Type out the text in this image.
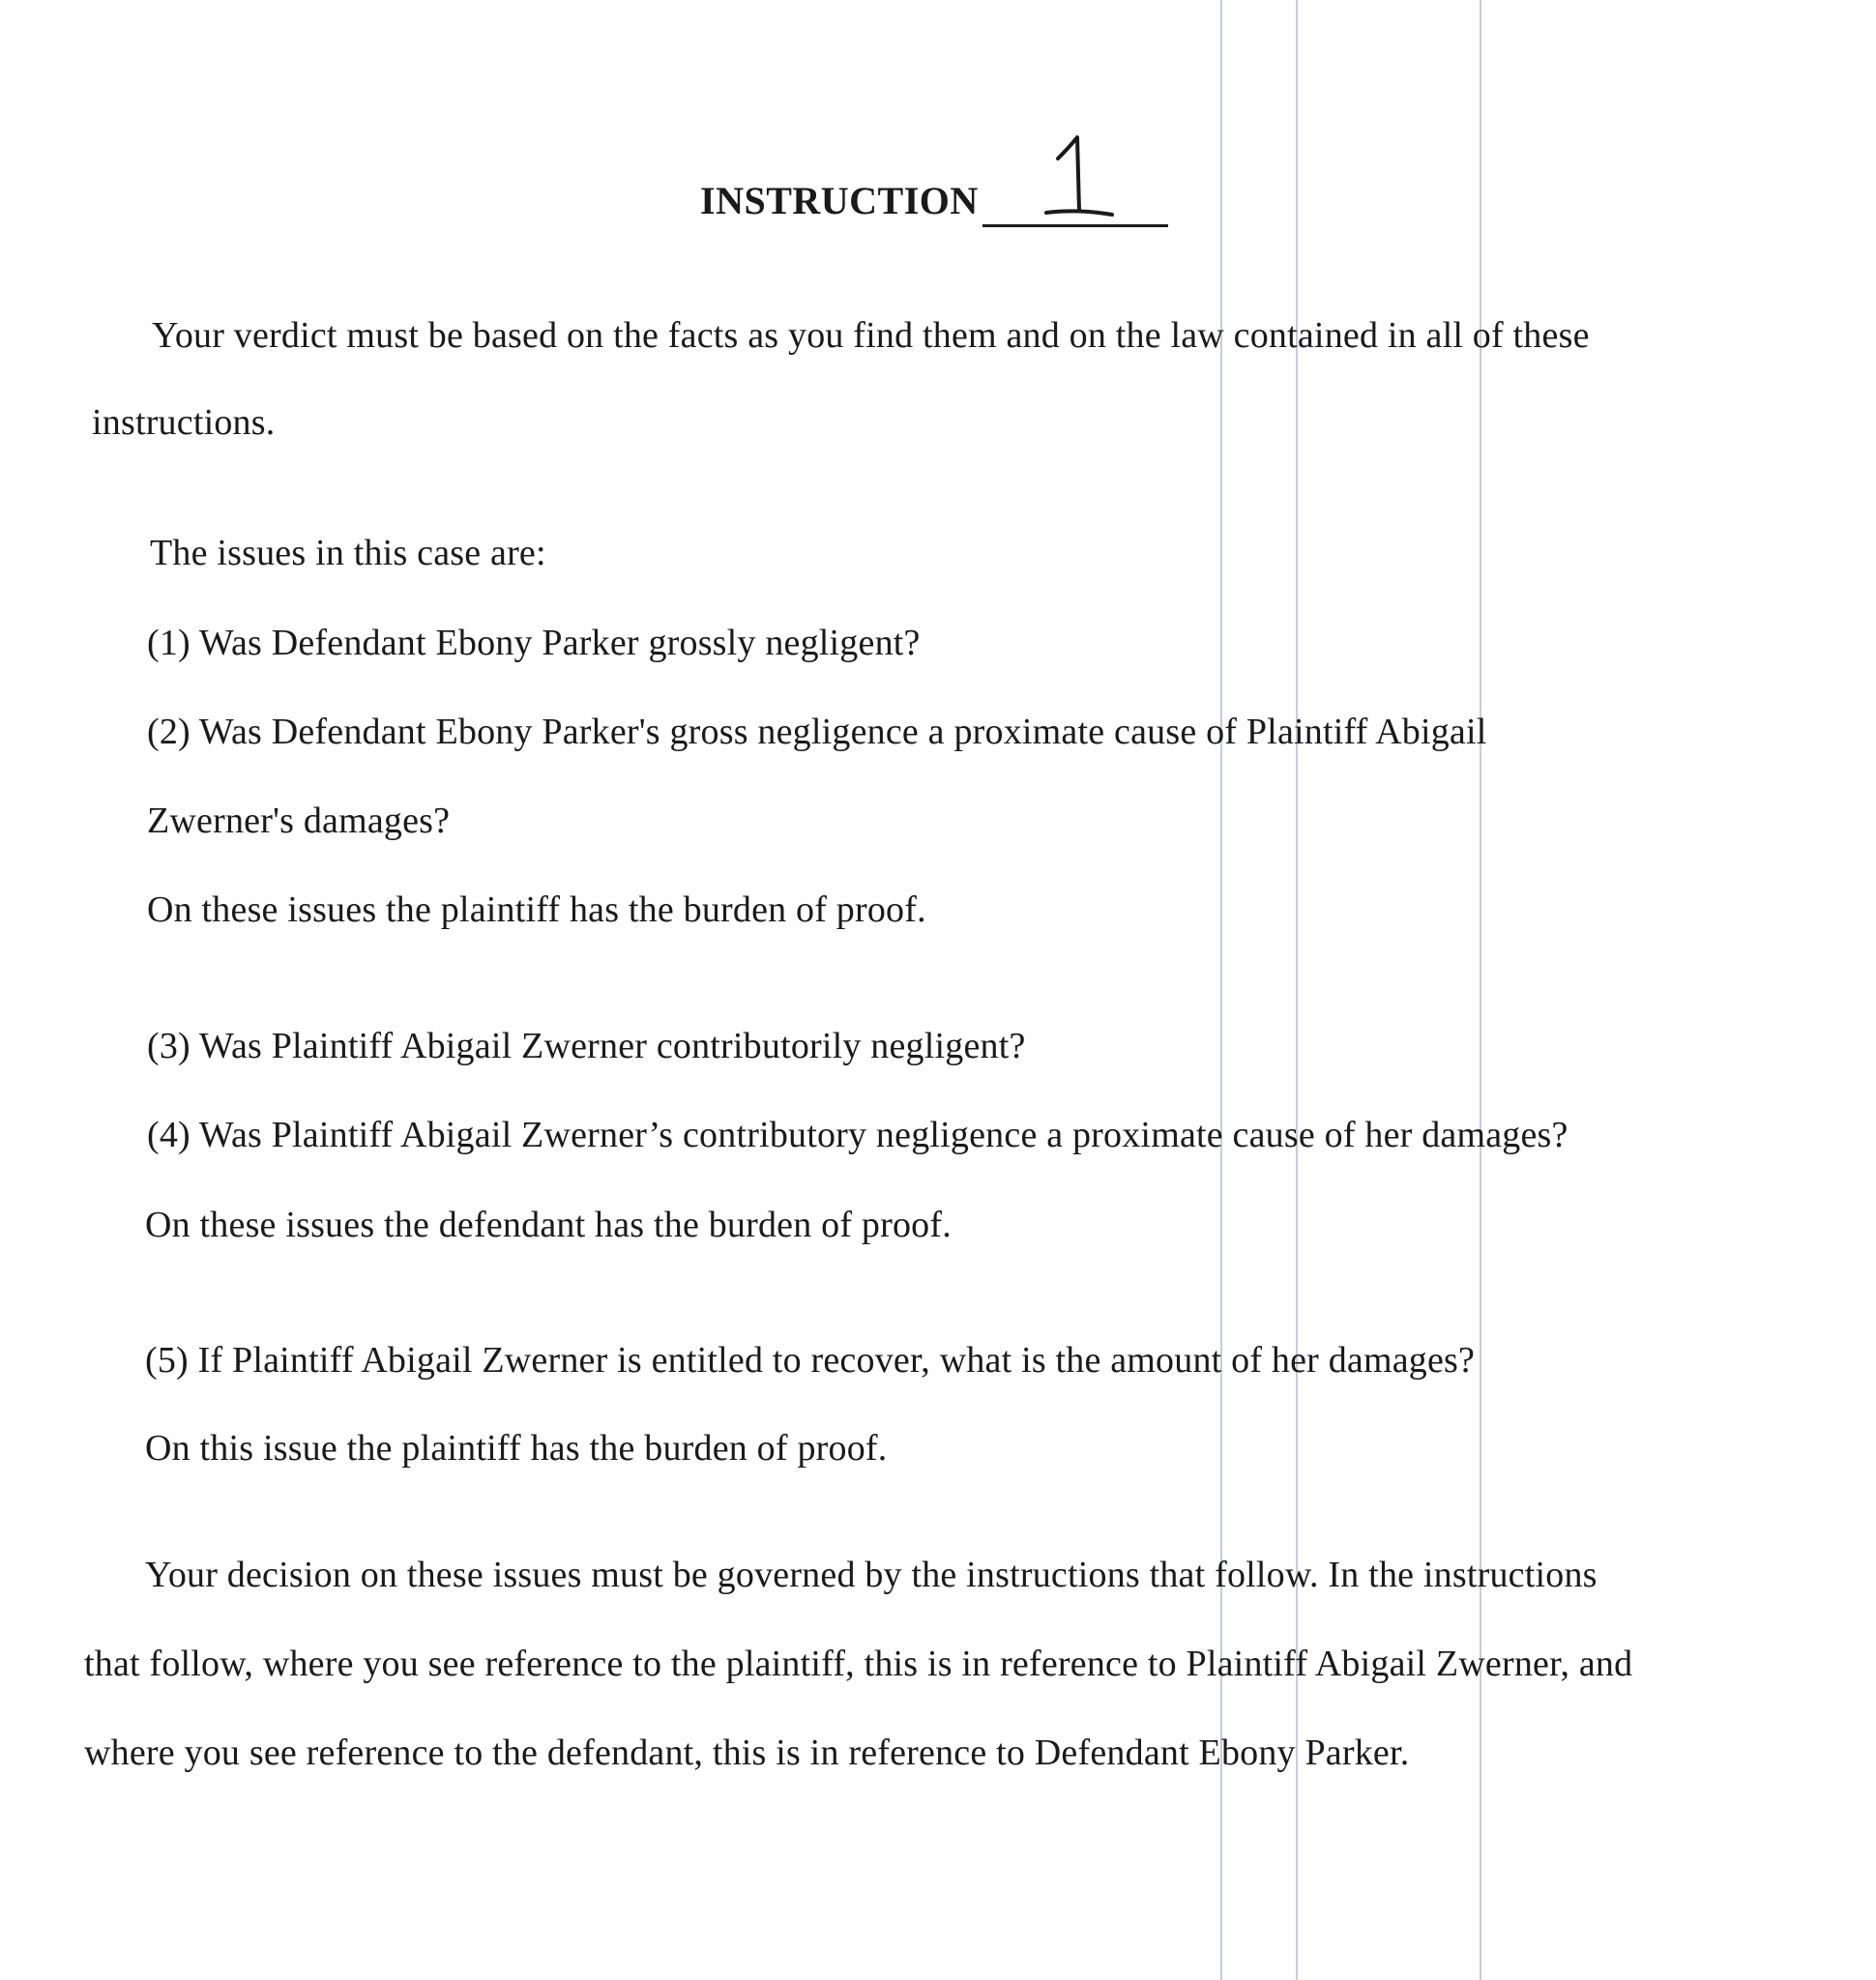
INSTRUCTION
Your verdict must be based on the facts as you find them and on the law contained in all of these
instructions.
The issues in this case are:
(1) Was Defendant Ebony Parker grossly negligent?
(2) Was Defendant Ebony Parker's gross negligence a proximate cause of Plaintiff Abigail
Zwerner's damages?
On these issues the plaintiff has the burden of proof.
(3) Was Plaintiff Abigail Zwerner contributorily negligent?
(4) Was Plaintiff Abigail Zwerner’s contributory negligence a proximate cause of her damages?
On these issues the defendant has the burden of proof.
(5) If Plaintiff Abigail Zwerner is entitled to recover, what is the amount of her damages?
On this issue the plaintiff has the burden of proof.
Your decision on these issues must be governed by the instructions that follow. In the instructions
that follow, where you see reference to the plaintiff, this is in reference to Plaintiff Abigail Zwerner, and
where you see reference to the defendant, this is in reference to Defendant Ebony Parker.
